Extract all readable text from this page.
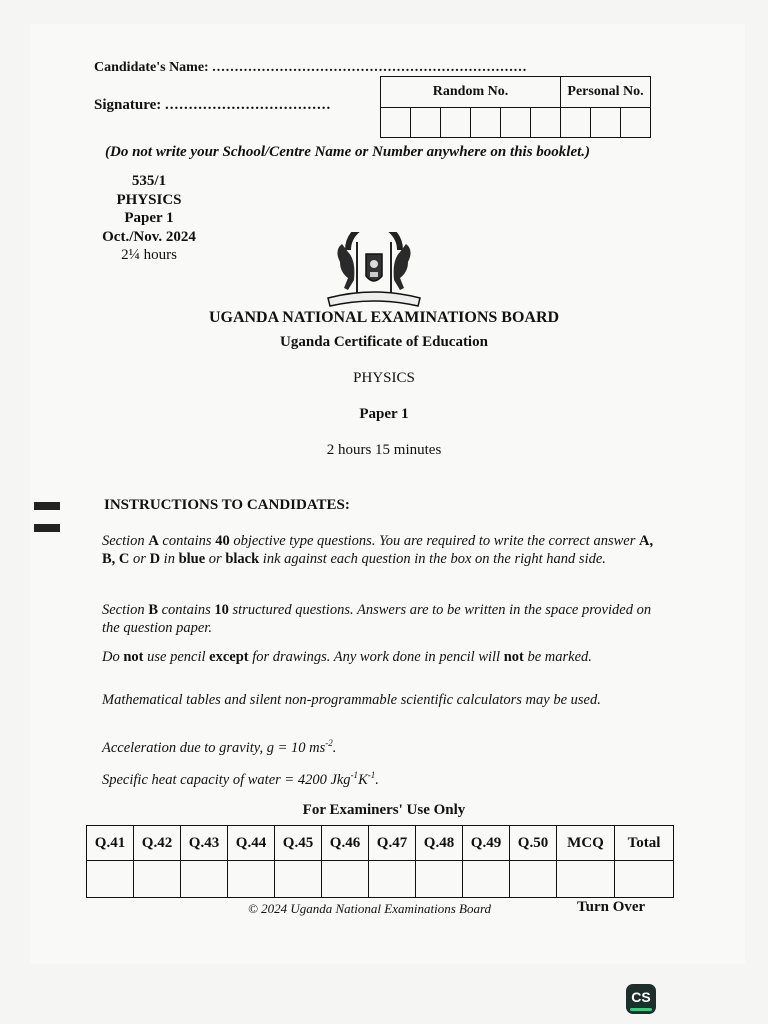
Candidate's Name: ......................................................................
Signature: ...................................
Random No.						Personal No.		

(Do not write your School/Centre Name or Number anywhere on this booklet.)
535/1
PHYSICS
Paper 1
Oct./Nov. 2024
2¼ hours
UGANDA NATIONAL EXAMINATIONS BOARD
Uganda Certificate of Education
PHYSICS
Paper 1
2 hours 15 minutes
INSTRUCTIONS TO CANDIDATES:
Section A contains 40 objective type questions. You are required to write the correct answer A, B, C or D in blue or black ink against each question in the box on the right hand side.
Section B contains 10 structured questions. Answers are to be written in the space provided on the question paper.
Do not use pencil except for drawings. Any work done in pencil will not be marked.
Mathematical tables and silent non-programmable scientific calculators may be used.
Acceleration due to gravity, g = 10 $ms^{-2}$.
Specific heat capacity of water = 4200 $Jkg^{-1}K^{-1}$.
For Examiners' Use Only
Q.41	Q.42	Q.43	Q.44	Q.45	Q.46	Q.47	Q.48	Q.49	Q.50	MCQ	Total

© 2024 Uganda National Examinations Board	Turn Over
CS
